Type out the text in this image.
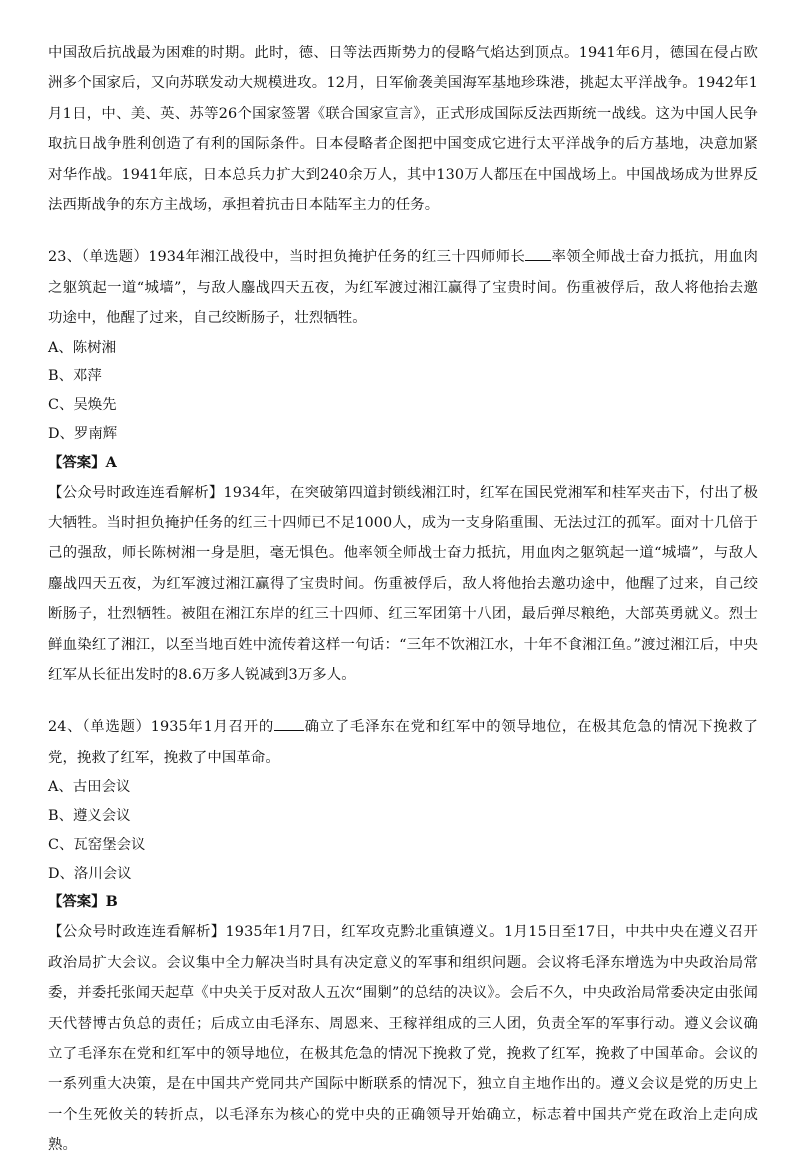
中国敌后抗战最为困难的时期。此时，德、日等法西斯势力的侵略气焰达到顶点。1941年6月，德国在侵占欧洲多个国家后，又向苏联发动大规模进攻。12月，日军偷袭美国海军基地珍珠港，挑起太平洋战争。1942年1月1日，中、美、英、苏等26个国家签署《联合国家宣言》，正式形成国际反法西斯统一战线。这为中国人民争取抗日战争胜利创造了有利的国际条件。日本侵略者企图把中国变成它进行太平洋战争的后方基地，决意加紧对华作战。1941年底，日本总兵力扩大到240余万人，其中130万人都压在中国战场上。中国战场成为世界反法西斯战争的东方主战场，承担着抗击日本陆军主力的任务。

23、（单选题）1934年湘江战役中，当时担负掩护任务的红三十四师师长 率领全师战士奋力抵抗，用血肉之躯筑起一道“城墙”，与敌人鏖战四天五夜，为红军渡过湘江赢得了宝贵时间。伤重被俘后，敌人将他抬去邀功途中，他醒了过来，自己绞断肠子，壮烈牺牲。

A、陈树湘

B、邓萍

C、吴焕先

D、罗南辉

【答案】A

【公众号时政连连看解析】1934年，在突破第四道封锁线湘江时，红军在国民党湘军和桂军夹击下，付出了极大牺牲。当时担负掩护任务的红三十四师已不足1000人，成为一支身陷重围、无法过江的孤军。面对十几倍于己的强敌，师长陈树湘一身是胆，毫无惧色。他率领全师战士奋力抵抗，用血肉之躯筑起一道“城墙”，与敌人鏖战四天五夜，为红军渡过湘江赢得了宝贵时间。伤重被俘后，敌人将他抬去邀功途中，他醒了过来，自己绞断肠子，壮烈牺牲。被阻在湘江东岸的红三十四师、红三军团第十八团，最后弹尽粮绝，大部英勇就义。烈士鲜血染红了湘江，以至当地百姓中流传着这样一句话：“三年不饮湘江水，十年不食湘江鱼。”渡过湘江后，中央红军从长征出发时的8.6万多人锐减到3万多人。

24、（单选题）1935年1月召开的 确立了毛泽东在党和红军中的领导地位，在极其危急的情况下挽救了党，挽救了红军，挽救了中国革命。

A、古田会议

B、遵义会议

C、瓦窑堡会议

D、洛川会议

【答案】B

【公众号时政连连看解析】1935年1月7日，红军攻克黔北重镇遵义。1月15日至17日，中共中央在遵义召开政治局扩大会议。会议集中全力解决当时具有决定意义的军事和组织问题。会议将毛泽东增选为中央政治局常委，并委托张闻天起草《中央关于反对敌人五次“围剿”的总结的决议》。会后不久，中央政治局常委决定由张闻天代替博古负总的责任；后成立由毛泽东、周恩来、王稼祥组成的三人团，负责全军的军事行动。遵义会议确立了毛泽东在党和红军中的领导地位，在极其危急的情况下挽救了党，挽救了红军，挽救了中国革命。会议的一系列重大决策，是在中国共产党同共产国际中断联系的情况下，独立自主地作出的。遵义会议是党的历史上一个生死攸关的转折点，以毛泽东为核心的党中央的正确领导开始确立，标志着中国共产党在政治上走向成熟。
